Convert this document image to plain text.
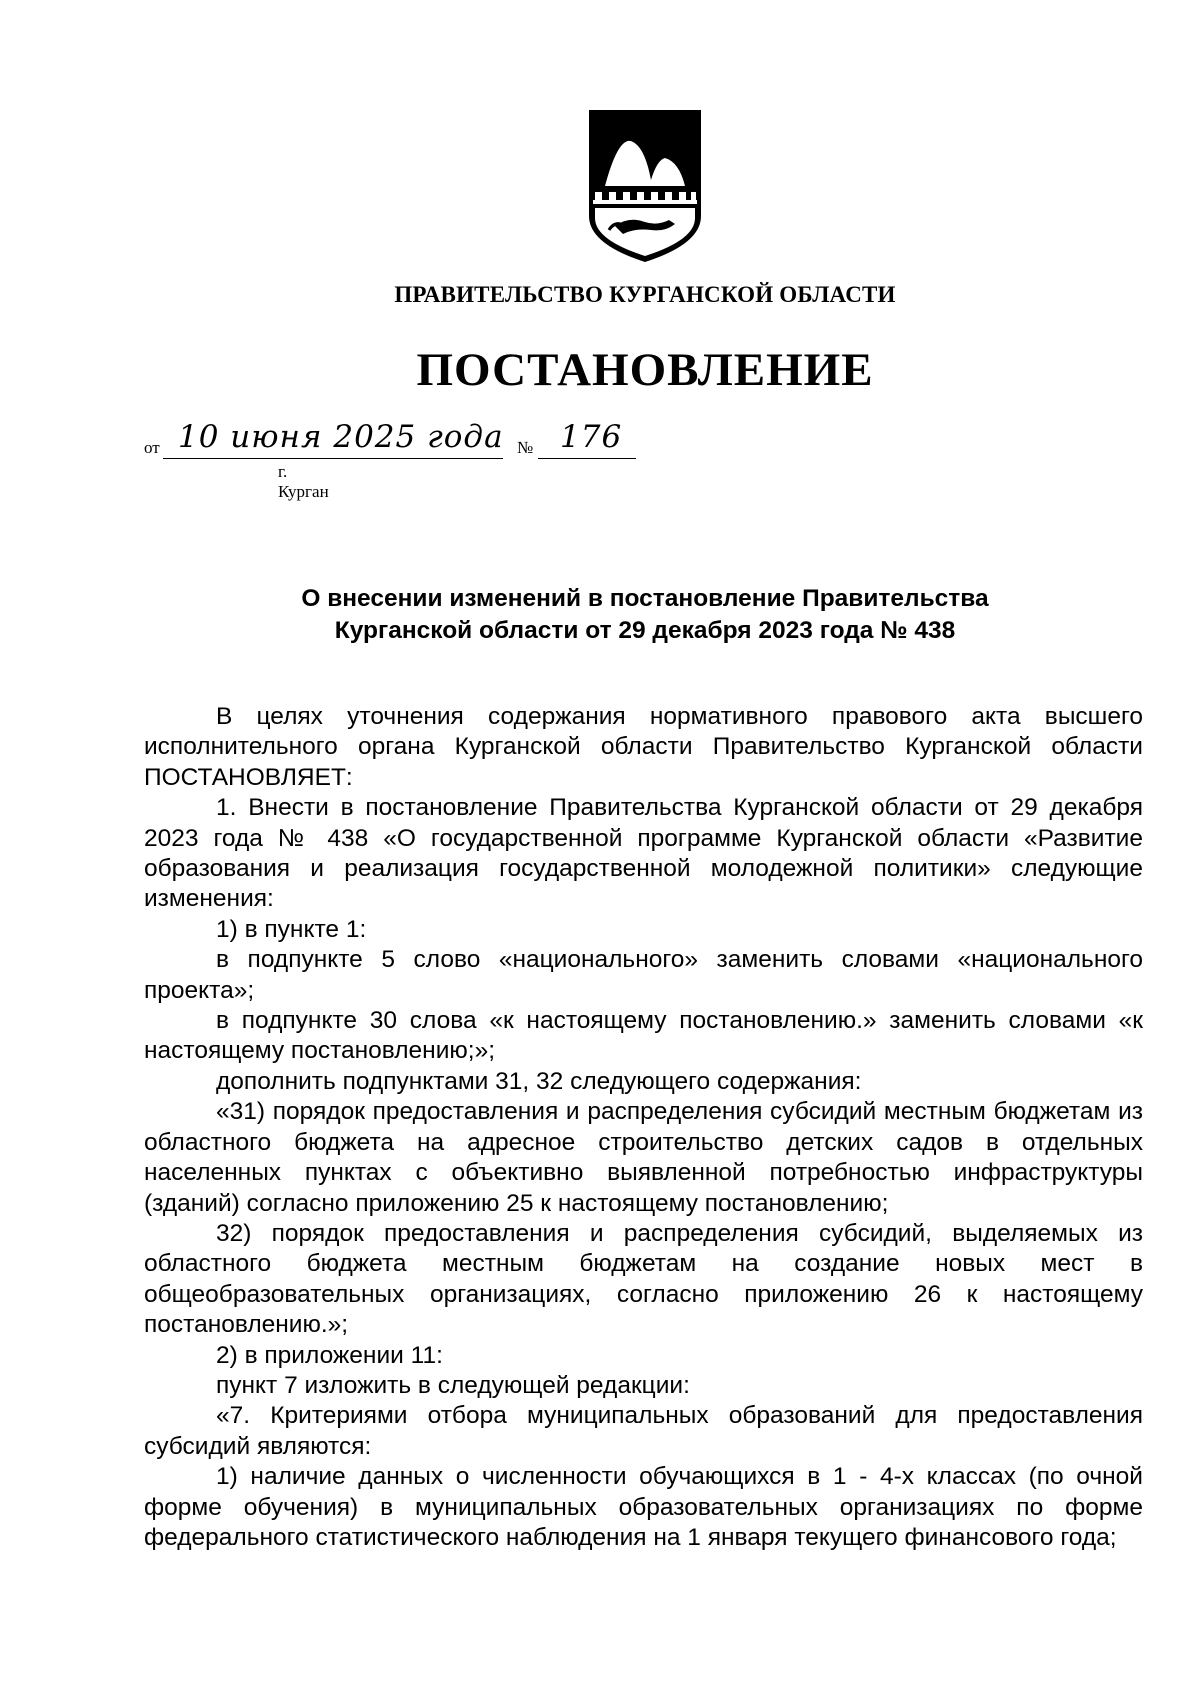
ПРАВИТЕЛЬСТВО КУРГАНСКОЙ ОБЛАСТИ
ПОСТАНОВЛЕНИЕ
от 10 июня 2025 года № 176
г. Курган
О внесении изменений в постановление Правительства
Курганской области от 29 декабря 2023 года № 438

В целях уточнения содержания нормативного правового акта высшего исполнительного органа Курганской области Правительство Курганской области ПОСТАНОВЛЯЕТ:

1. Внести в постановление Правительства Курганской области от 29 декабря 2023 года № 438 «О государственной программе Курганской области «Развитие образования и реализация государственной молодежной политики» следующие изменения:

1) в пункте 1:

в подпункте 5 слово «национального» заменить словами «национального проекта»;

в подпункте 30 слова «к настоящему постановлению.» заменить словами «к настоящему постановлению;»;

дополнить подпунктами 31, 32 следующего содержания:

«31) порядок предоставления и распределения субсидий местным бюджетам из областного бюджета на адресное строительство детских садов в отдельных населенных пунктах с объективно выявленной потребностью инфраструктуры (зданий) согласно приложению 25 к настоящему постановлению;

32) порядок предоставления и распределения субсидий, выделяемых из областного бюджета местным бюджетам на создание новых мест в общеобразовательных организациях, согласно приложению 26 к настоящему постановлению.»;

2) в приложении 11:

пункт 7 изложить в следующей редакции:

«7. Критериями отбора муниципальных образований для предоставления субсидий являются:

1) наличие данных о численности обучающихся в 1 - 4-х классах (по очной форме обучения) в муниципальных образовательных организациях по форме федерального статистического наблюдения на 1 января текущего финансового года;
